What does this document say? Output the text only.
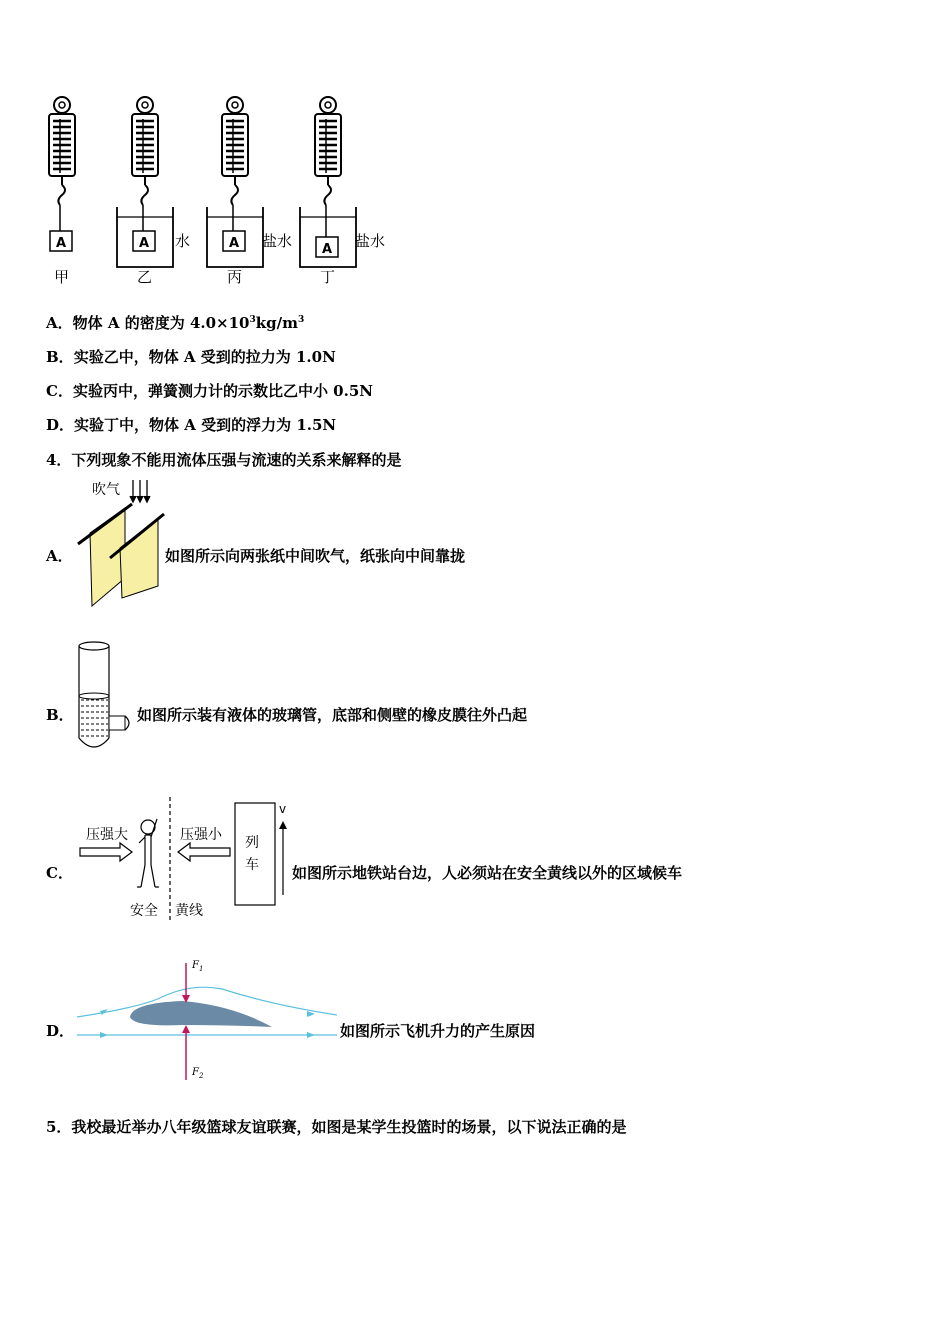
A	A	A	A
甲	乙	丙	丁
水	盐水	盐水
A．物体 A 的密度为 $4.0\times 10^3kg/m^3$
B．实验乙中，物体 A 受到的拉力为 1.0N
C．实验丙中，弹簧测力计的示数比乙中小 0.5N
D．实验丁中，物体 A 受到的浮力为 1.5N
4．下列现象不能用流体压强与流速的关系来解释的是
吹气
A．	如图所示向两张纸中间吹气，纸张向中间靠拢
B．	如图所示装有液体的玻璃管，底部和侧壁的橡皮膜往外凸起
压强大	压强小 列
车
v
安全 黄线
C．	如图所示地铁站台边，人必须站在安全黄线以外的区域候车
$F_1$
$F_2$
D．	如图所示飞机升力的产生原因
5．我校最近举办八年级篮球友谊联赛，如图是某学生投篮时的场景，以下说法正确的是
